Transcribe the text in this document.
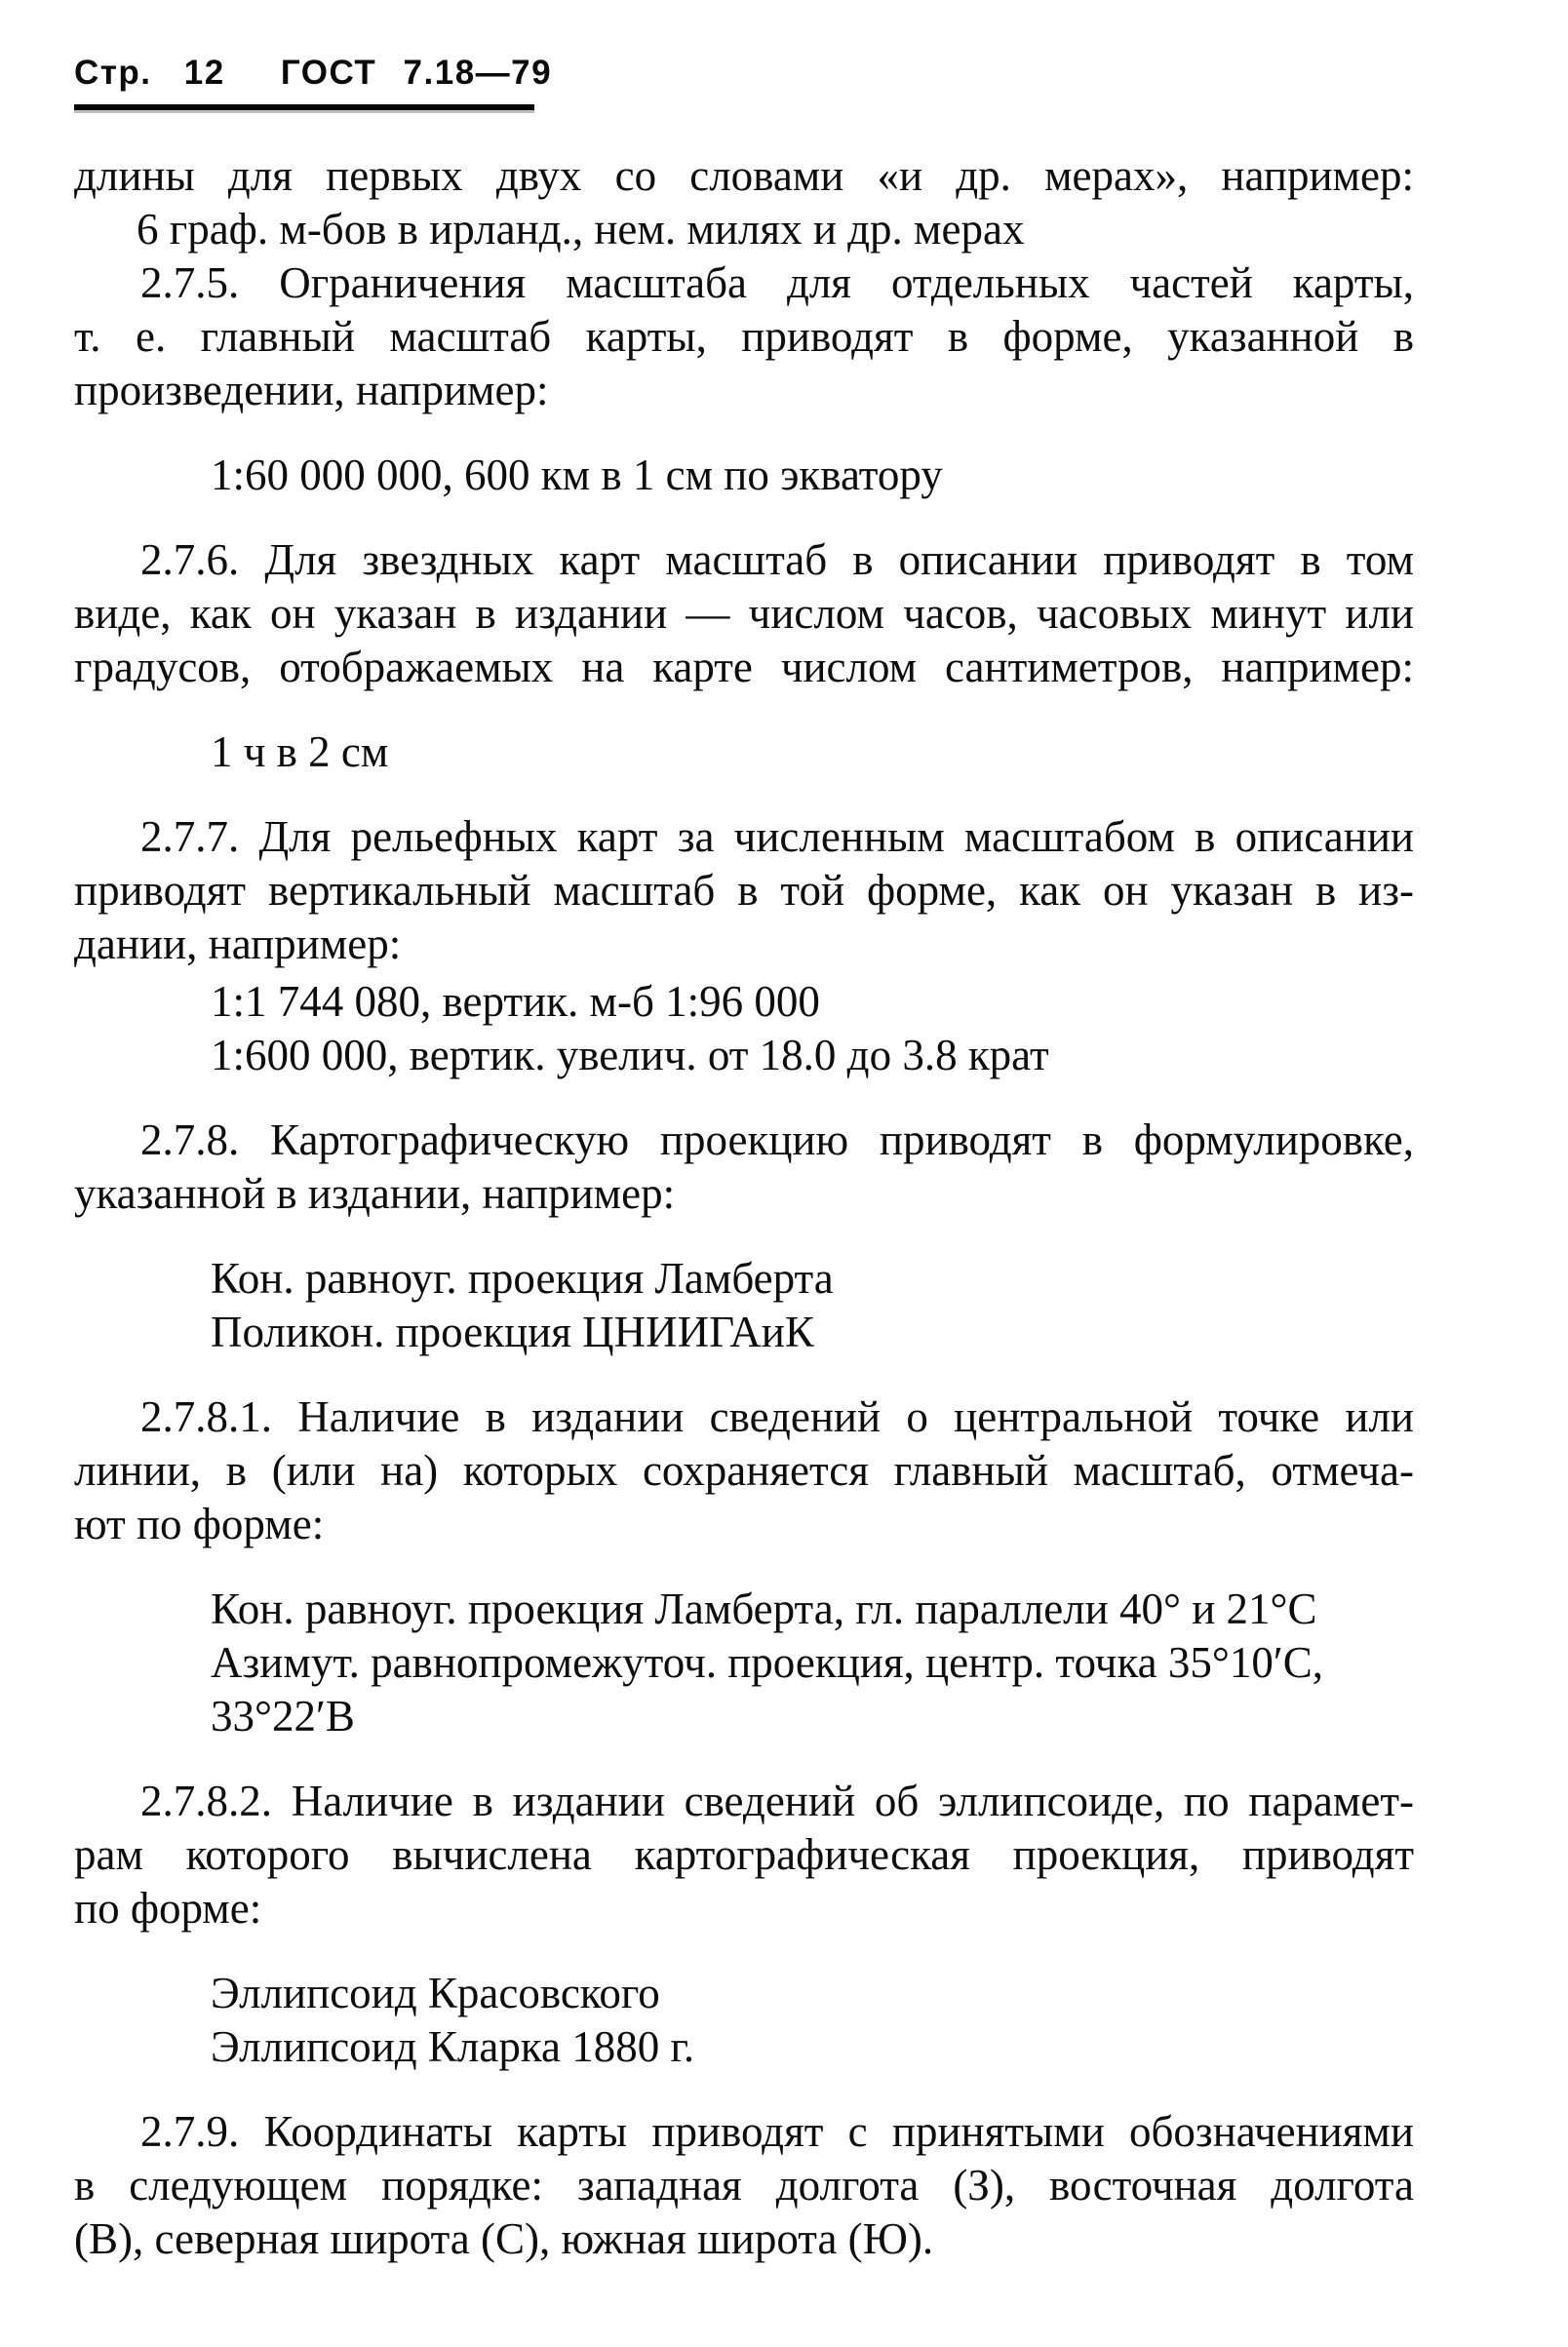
Стр. 12 ГОСТ 7.18—79
длины для первых двух со словами «и др. мерах», например:
6 граф. м-бов в ирланд., нем. милях и др. мерах
2.7.5. Ограничения масштаба для отдельных частей карты,
т. е. главный масштаб карты, приводят в форме, указанной в
произведении, например:
1:60 000 000, 600 км в 1 см по экватору
2.7.6. Для звездных карт масштаб в описании приводят в том
виде, как он указан в издании — числом часов, часовых минут или
градусов, отображаемых на карте числом сантиметров, например:
1 ч в 2 см
2.7.7. Для рельефных карт за численным масштабом в описании
приводят вертикальный масштаб в той форме, как он указан в из-
дании, например:
1:1 744 080, вертик. м-б 1:96 000
1:600 000, вертик. увелич. от 18.0 до 3.8 крат
2.7.8. Картографическую проекцию приводят в формулировке,
указанной в издании, например:
Кон. равноуг. проекция Ламберта
Поликон. проекция ЦНИИГАиК
2.7.8.1. Наличие в издании сведений о центральной точке или
линии, в (или на) которых сохраняется главный масштаб, отмеча-
ют по форме:
Кон. равноуг. проекция Ламберта, гл. параллели 40° и 21°С
Азимут. равнопромежуточ. проекция, центр. точка 35°10′С,
33°22′В
2.7.8.2. Наличие в издании сведений об эллипсоиде, по парамет-
рам которого вычислена картографическая проекция, приводят
по форме:
Эллипсоид Красовского
Эллипсоид Кларка 1880 г.
2.7.9. Координаты карты приводят с принятыми обозначениями
в следующем порядке: западная долгота (З), восточная долгота
(В), северная широта (С), южная широта (Ю).
